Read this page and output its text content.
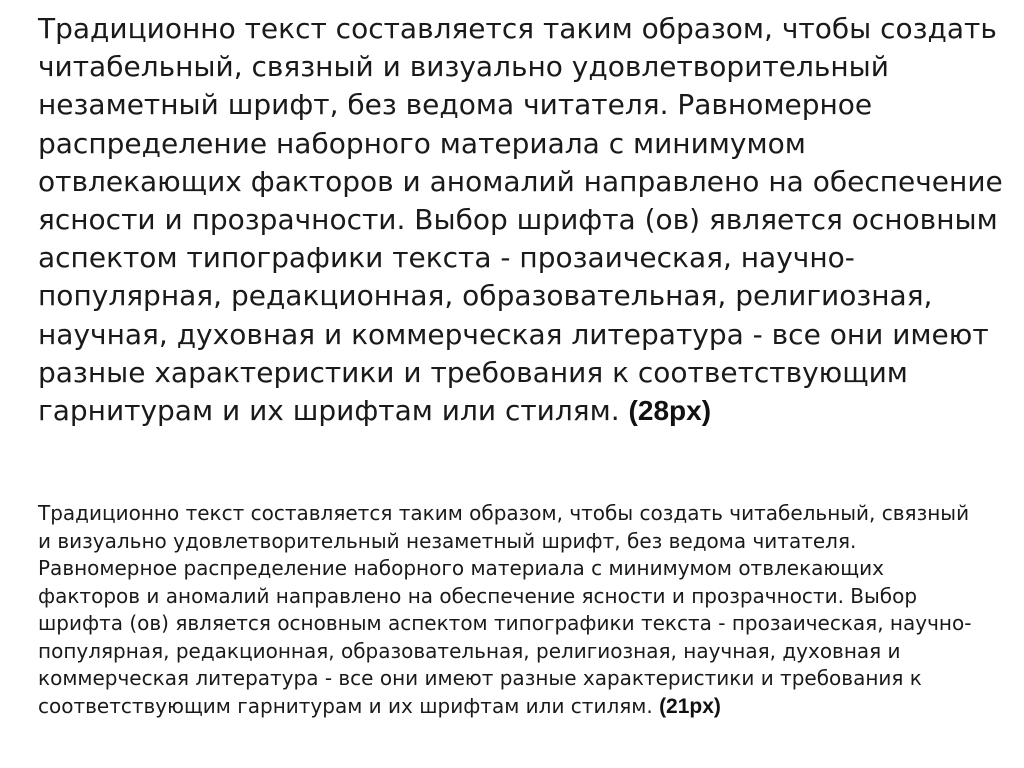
Традиционно текст составляется таким образом, чтобы создать читабельный, связный и визуально удовлетворительный незаметный шрифт, без ведома читателя. Равномерное распределение наборного материала с минимумом отвлекающих факторов и аномалий направлено на обеспечение ясности и прозрачности. Выбор шрифта (ов) является основным аспектом типографики текста - прозаическая, научно-популярная, редакционная, образовательная, религиозная, научная, духовная и коммерческая литература - все они имеют разные характеристики и требования к соответствующим гарнитурам и их шрифтам или стилям. (28px)

Традиционно текст составляется таким образом, чтобы создать читабельный, связный и визуально удовлетворительный незаметный шрифт, без ведома читателя. Равномерное распределение наборного материала с минимумом отвлекающих факторов и аномалий направлено на обеспечение ясности и прозрачности. Выбор шрифта (ов) является основным аспектом типографики текста - прозаическая, научно-популярная, редакционная, образовательная, религиозная, научная, духовная и коммерческая литература - все они имеют разные характеристики и требования к соответствующим гарнитурам и их шрифтам или стилям. (21px)
